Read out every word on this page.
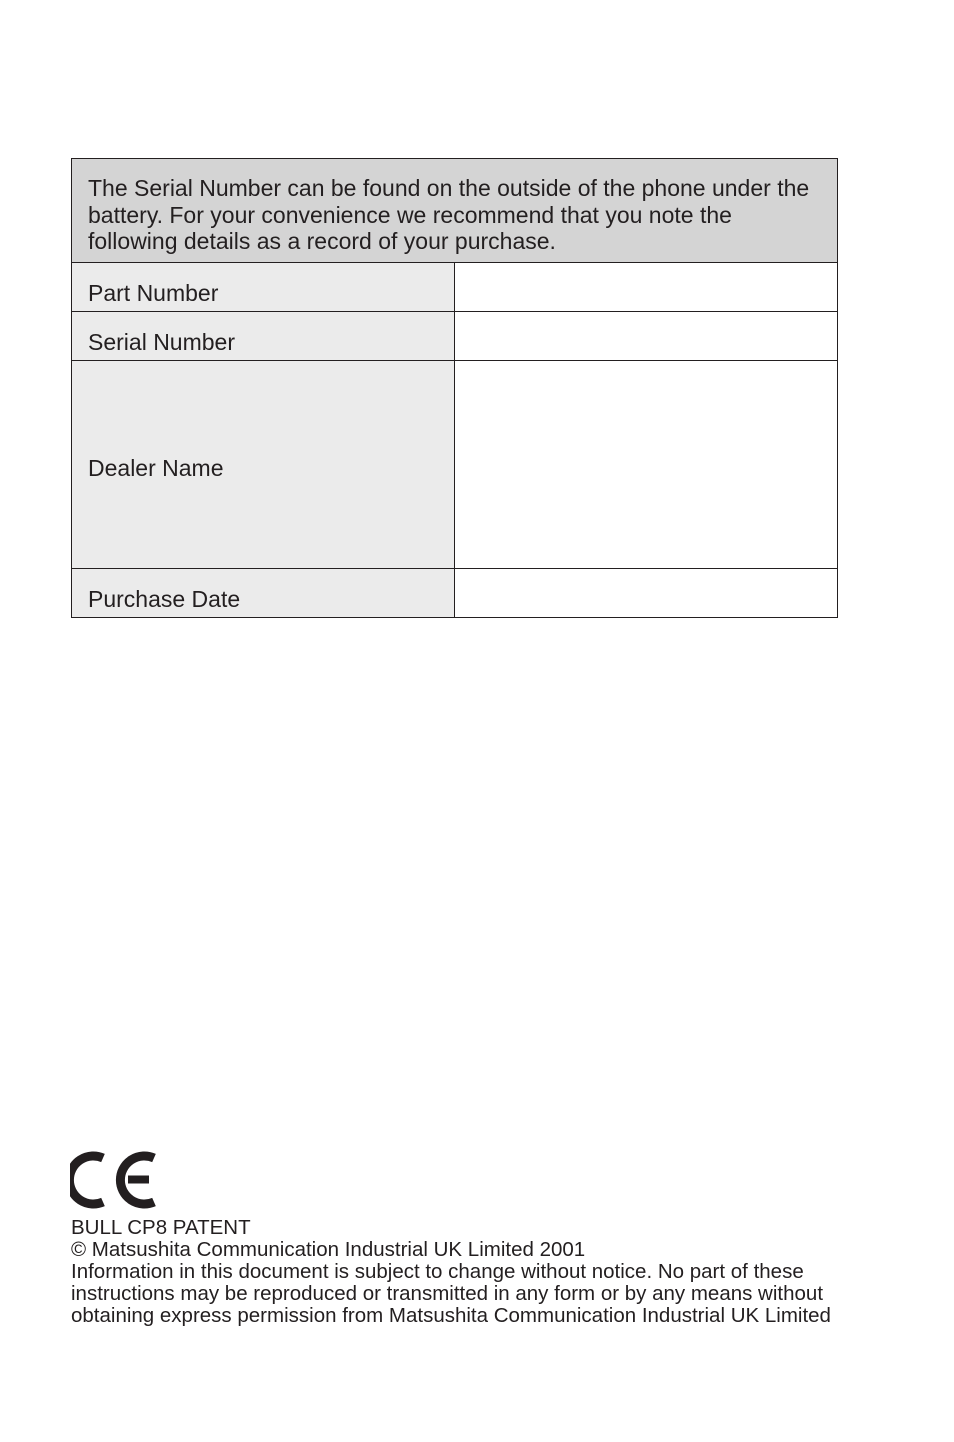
The Serial Number can be found on the outside of the phone under the battery. For your convenience we recommend that you note the following details as a record of your purchase.	
Part Number	
Serial Number	
Dealer Name	
Purchase Date	
BULL CP8 PATENT
© Matsushita Communication Industrial UK Limited 2001
Information in this document is subject to change without notice. No part of these instructions may be reproduced or transmitted in any form or by any means without obtaining express permission from Matsushita Communication Industrial UK Limited
